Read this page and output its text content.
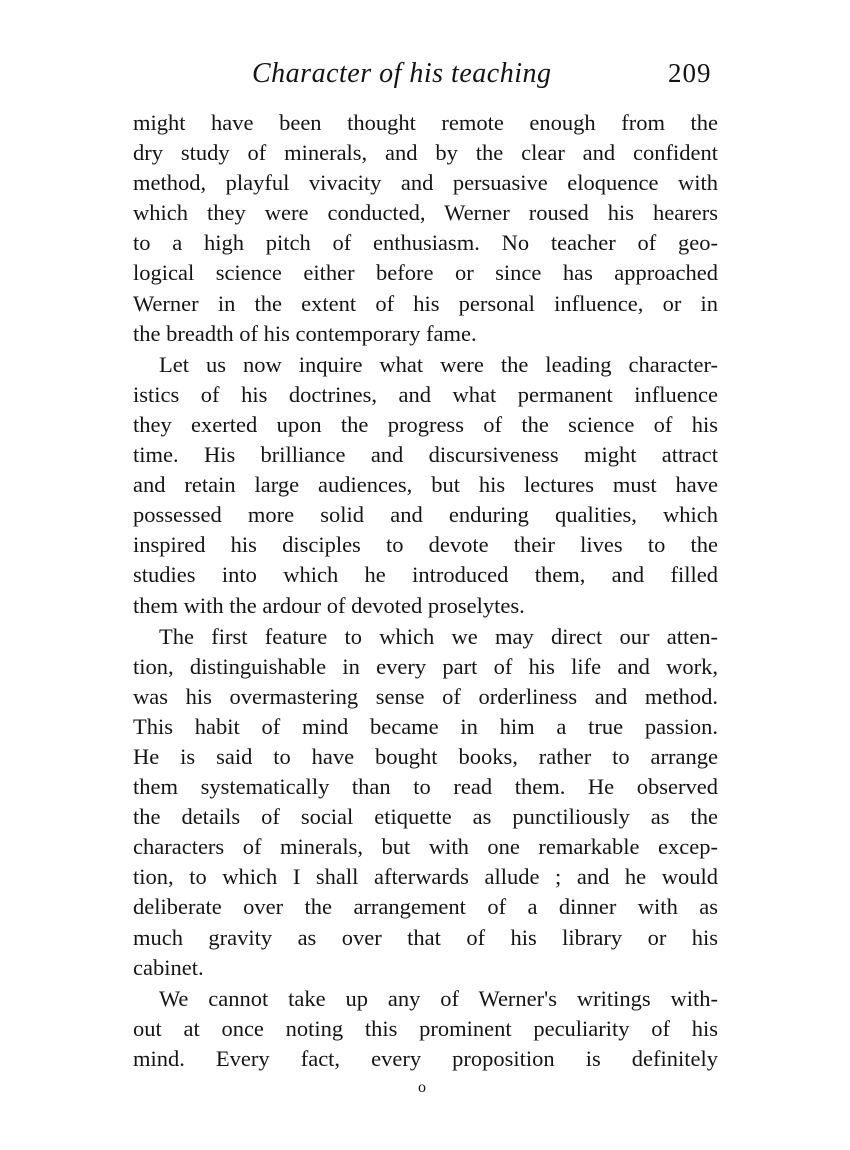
Character of his teaching	209
might have been thought remote enough from the
dry study of minerals, and by the clear and confident
method, playful vivacity and persuasive eloquence with
which they were conducted, Werner roused his hearers
to a high pitch of enthusiasm. No teacher of geo-
logical science either before or since has approached
Werner in the extent of his personal influence, or in
the breadth of his contemporary fame.
Let us now inquire what were the leading character-
istics of his doctrines, and what permanent influence
they exerted upon the progress of the science of his
time. His brilliance and discursiveness might attract
and retain large audiences, but his lectures must have
possessed more solid and enduring qualities, which
inspired his disciples to devote their lives to the
studies into which he introduced them, and filled
them with the ardour of devoted proselytes.
The first feature to which we may direct our atten-
tion, distinguishable in every part of his life and work,
was his overmastering sense of orderliness and method.
This habit of mind became in him a true passion.
He is said to have bought books, rather to arrange
them systematically than to read them. He observed
the details of social etiquette as punctiliously as the
characters of minerals, but with one remarkable excep-
tion, to which I shall afterwards allude ; and he would
deliberate over the arrangement of a dinner with as
much gravity as over that of his library or his
cabinet.
We cannot take up any of Werner's writings with-
out at once noting this prominent peculiarity of his
mind. Every fact, every proposition is definitely
o
